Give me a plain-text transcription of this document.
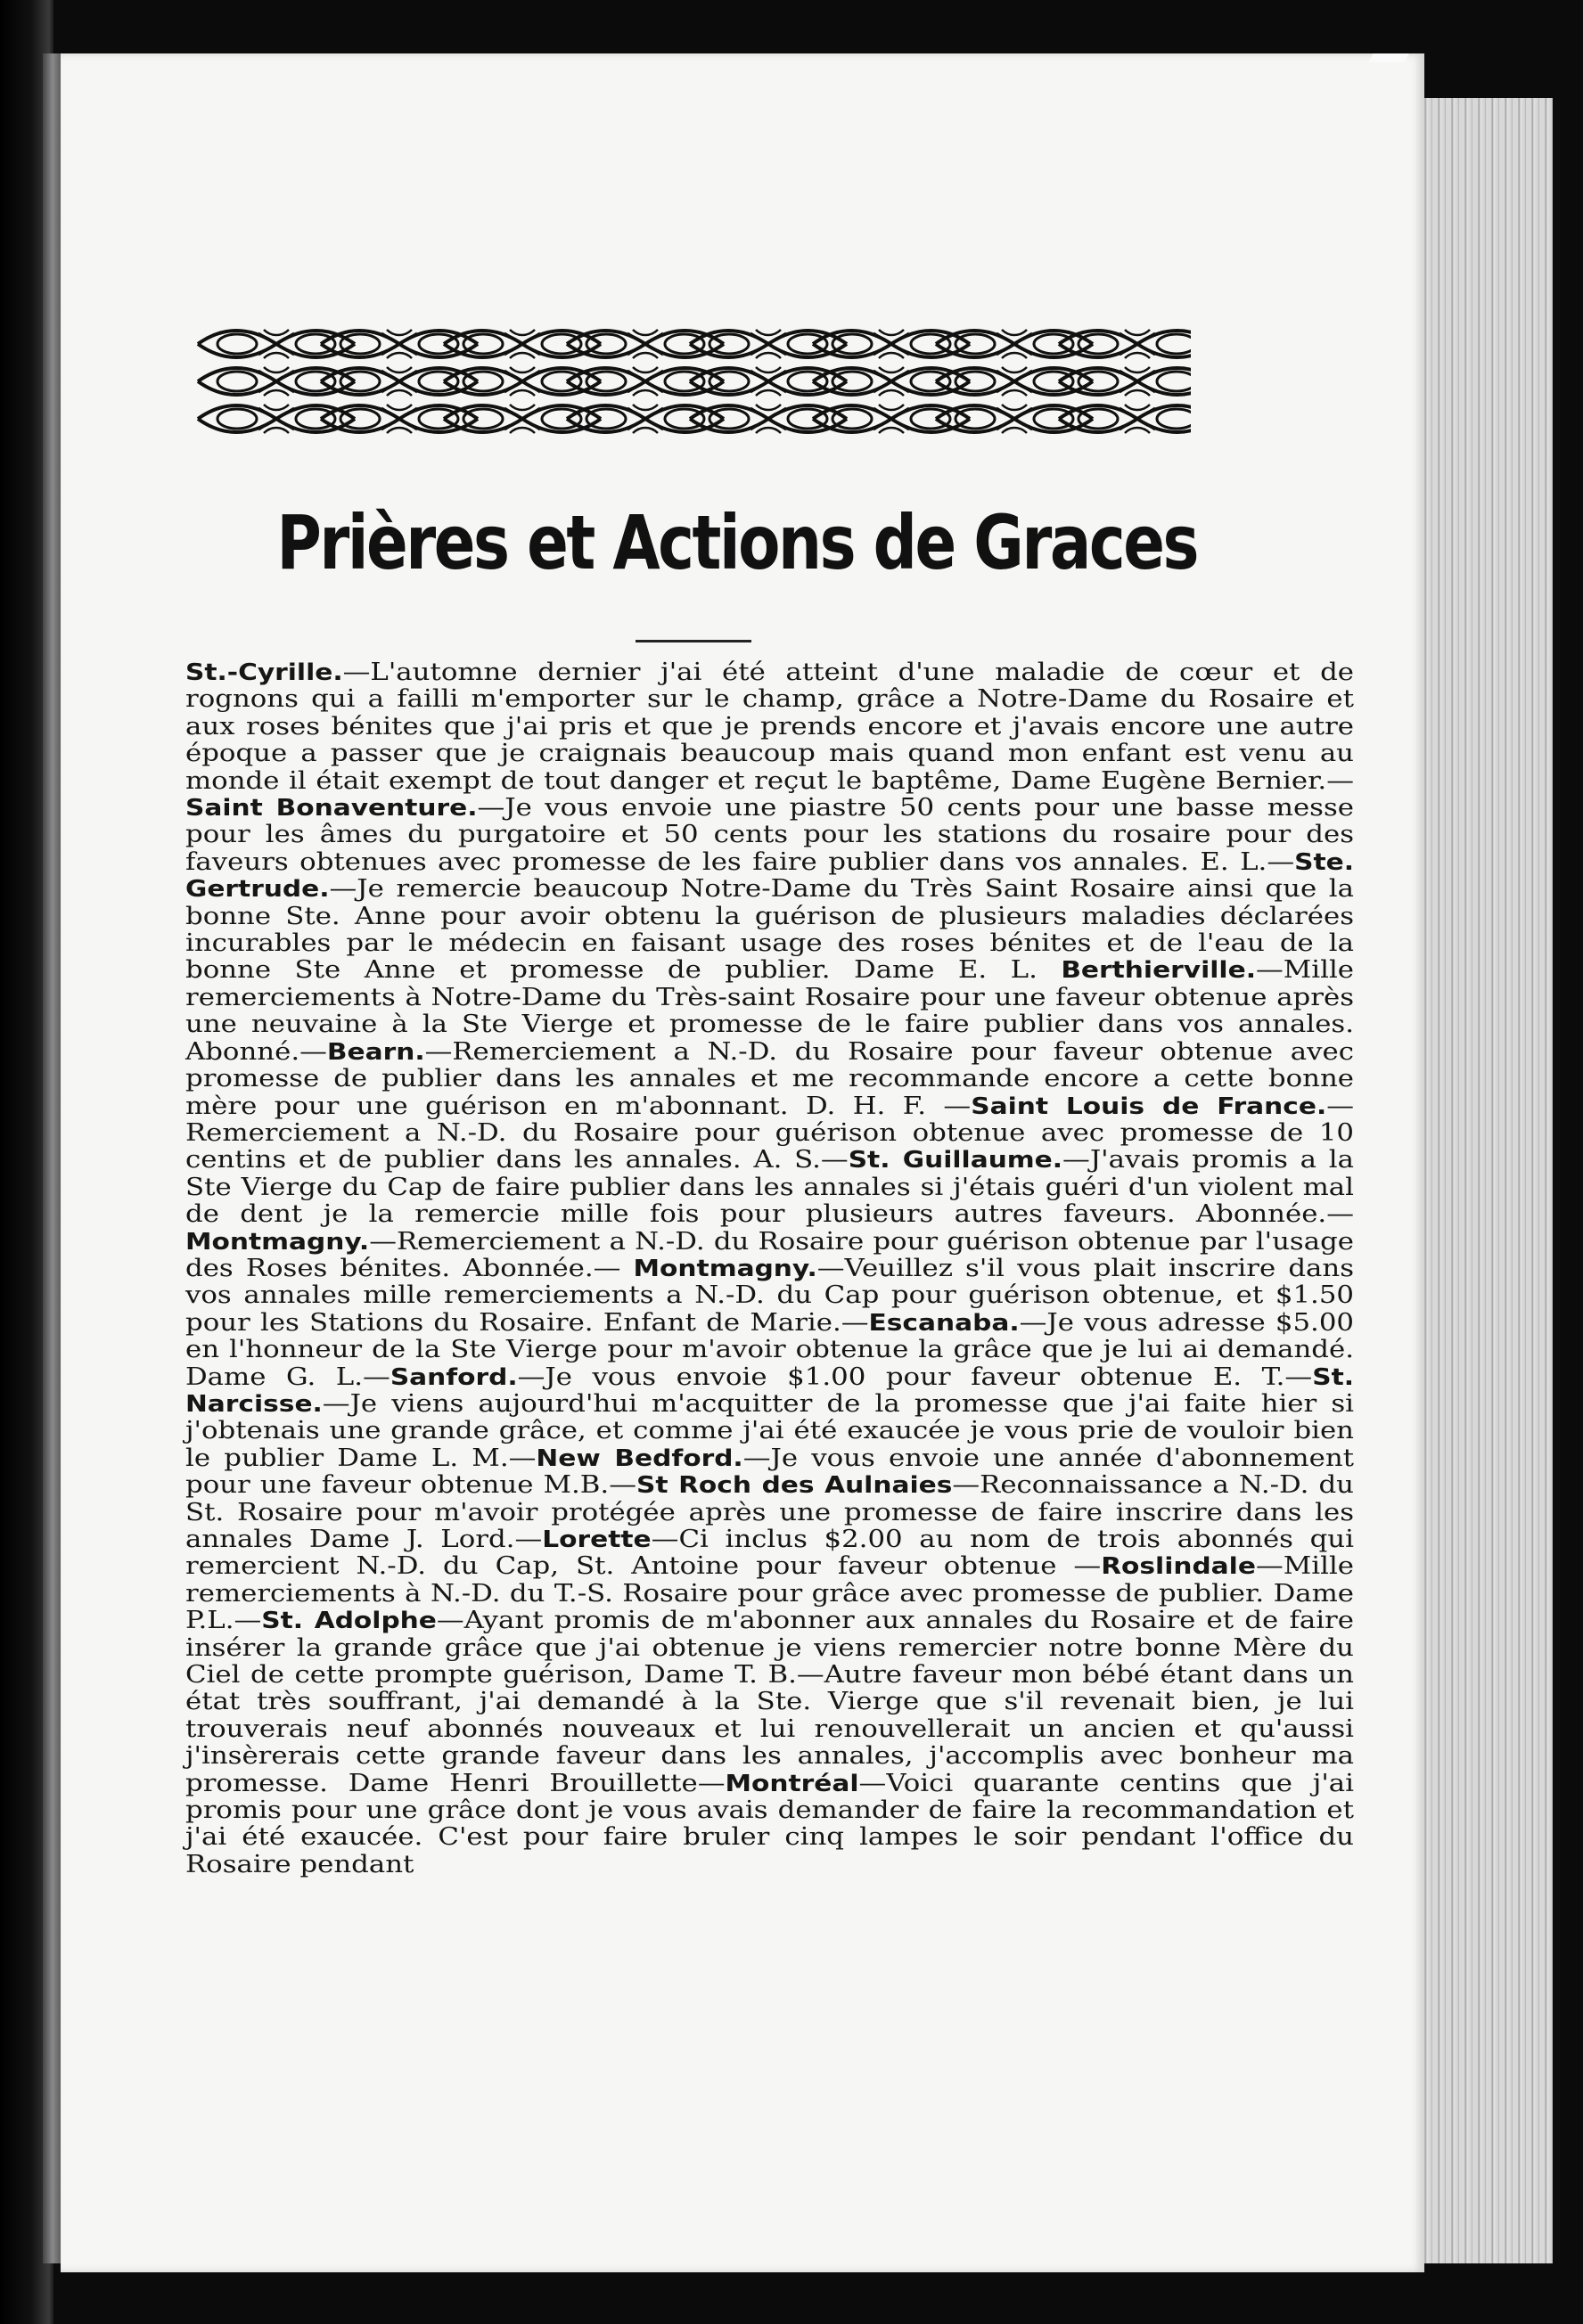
Prières et Actions de Graces
St.-Cyrille.—L'automne dernier j'ai été atteint d'une maladie de cœur et de rognons qui a failli m'emporter sur le champ, grâce a Notre-Dame du Rosaire et aux roses bénites que j'ai pris et que je prends encore et j'avais encore une autre époque a passer que je craignais beaucoup mais quand mon enfant est venu au monde il était exempt de tout danger et reçut le baptême, Dame Eugène Bernier.—Saint Bonaventure.—Je vous envoie une piastre 50 cents pour une basse messe pour les âmes du purgatoire et 50 cents pour les stations du rosaire pour des faveurs obtenues avec promesse de les faire publier dans vos annales. E. L.—Ste. Gertrude.—Je remercie beaucoup Notre-Dame du Très Saint Rosaire ainsi que la bonne Ste. Anne pour avoir obtenu la guérison de plusieurs maladies déclarées incurables par le médecin en faisant usage des roses bénites et de l'eau de la bonne Ste Anne et promesse de publier. Dame E. L. Berthierville.—Mille remerciements à Notre-Dame du Très-saint Rosaire pour une faveur obtenue après une neuvaine à la Ste Vierge et promesse de le faire publier dans vos annales. Abonné.—Bearn.—Remerciement a N.-D. du Rosaire pour faveur obtenue avec promesse de publier dans les annales et me recommande encore a cette bonne mère pour une guérison en m'abonnant. D. H. F. —Saint Louis de France.—Remerciement a N.-D. du Rosaire pour guérison obtenue avec promesse de 10 centins et de publier dans les annales. A. S.—St. Guillaume.—J'avais promis a la Ste Vierge du Cap de faire publier dans les annales si j'étais guéri d'un violent mal de dent je la remercie mille fois pour plusieurs autres faveurs. Abonnée.—Montmagny.—Remerciement a N.-D. du Rosaire pour guérison obtenue par l'usage des Roses bénites. Abonnée.— Montmagny.—Veuillez s'il vous plait inscrire dans vos annales mille remerciements a N.-D. du Cap pour guérison obtenue, et $1.50 pour les Stations du Rosaire. Enfant de Marie.—Escanaba.—Je vous adresse $5.00 en l'honneur de la Ste Vierge pour m'avoir obtenue la grâce que je lui ai demandé. Dame G. L.—Sanford.—Je vous envoie $1.00 pour faveur obtenue E. T.—St. Narcisse.—Je viens aujourd'hui m'acquitter de la promesse que j'ai faite hier si j'obtenais une grande grâce, et comme j'ai été exaucée je vous prie de vouloir bien le publier Dame L. M.—New Bedford.—Je vous envoie une année d'abonnement pour une faveur obtenue M.B.—St Roch des Aulnaies—Reconnaissance a N.-D. du St. Rosaire pour m'avoir protégée après une promesse de faire inscrire dans les annales Dame J. Lord.—Lorette—Ci inclus $2.00 au nom de trois abonnés qui remercient N.-D. du Cap, St. Antoine pour faveur obtenue —Roslindale—Mille remerciements à N.-D. du T.-S. Rosaire pour grâce avec promesse de publier. Dame P.L.—St. Adolphe—Ayant promis de m'abonner aux annales du Rosaire et de faire insérer la grande grâce que j'ai obtenue je viens remercier notre bonne Mère du Ciel de cette prompte guérison, Dame T. B.—Autre faveur mon bébé étant dans un état très souffrant, j'ai demandé à la Ste. Vierge que s'il revenait bien, je lui trouverais neuf abonnés nouveaux et lui renouvellerait un ancien et qu'aussi j'insèrerais cette grande faveur dans les annales, j'accomplis avec bonheur ma promesse. Dame Henri Brouillette—Montréal—Voici quarante centins que j'ai promis pour une grâce dont je vous avais demander de faire la recommandation et j'ai été exaucée. C'est pour faire bruler cinq lampes le soir pendant l'office du Rosaire pendant
